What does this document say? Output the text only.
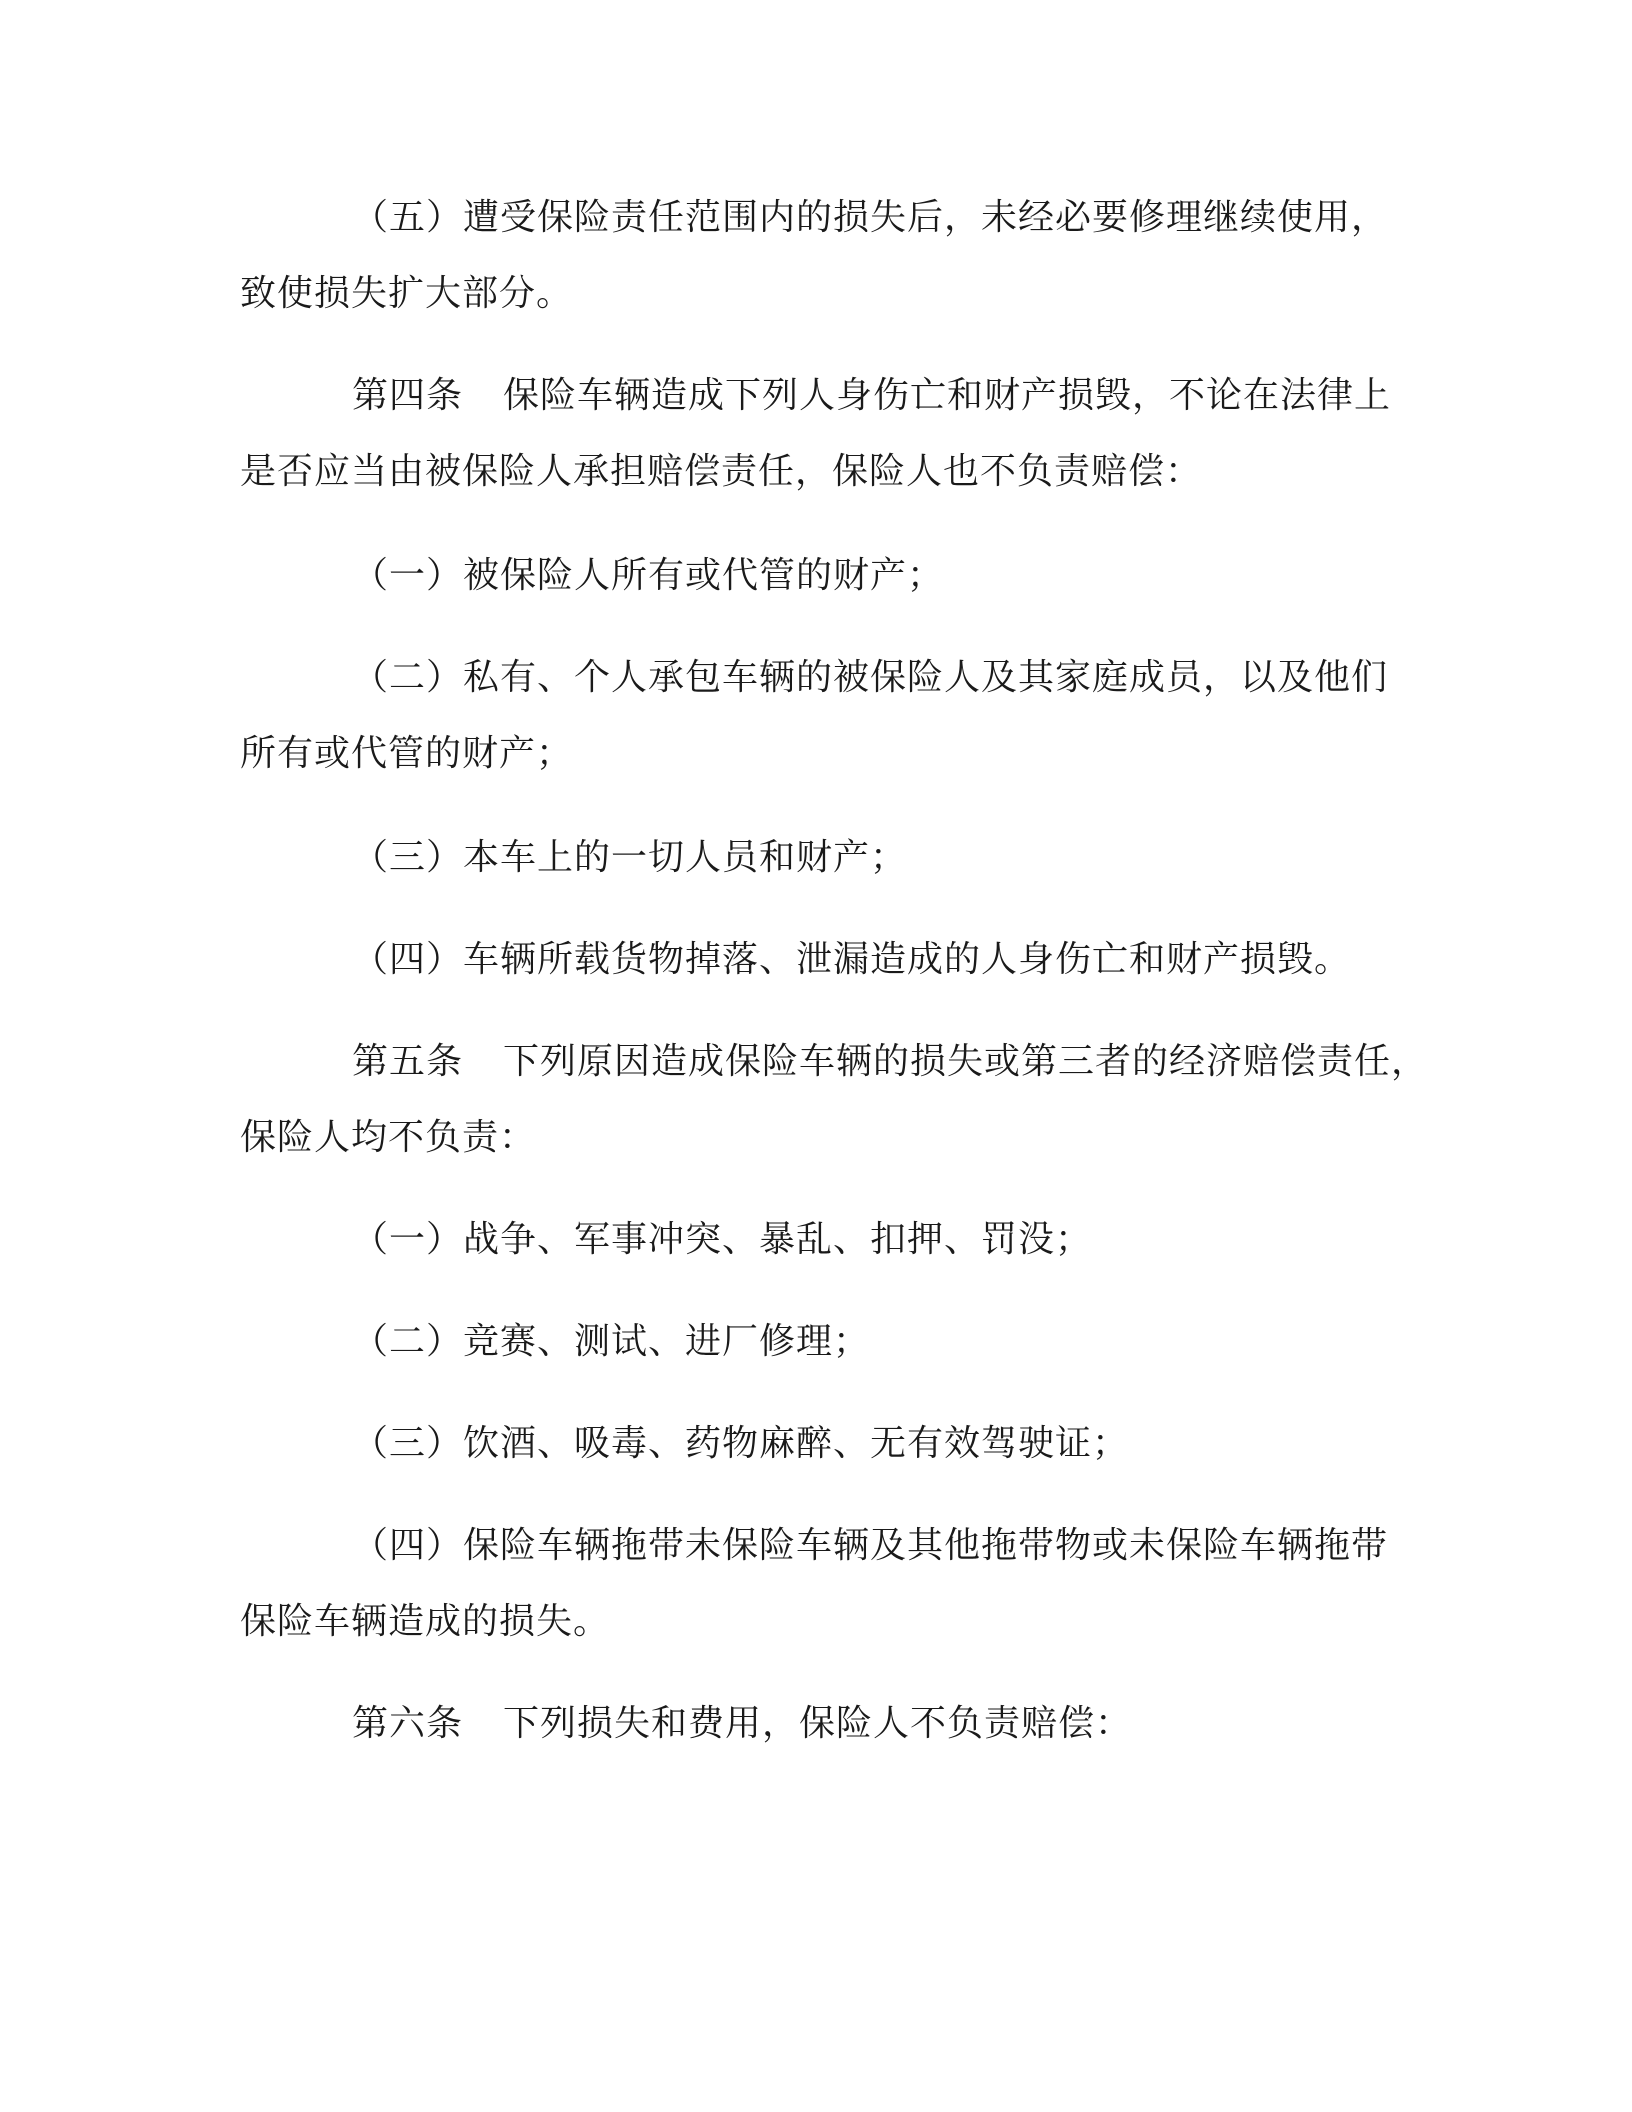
（五）遭受保险责任范围内的损失后，未经必要修理继续使用，
致使损失扩大部分。
第四条 保险车辆造成下列人身伤亡和财产损毁，不论在法律上
是否应当由被保险人承担赔偿责任，保险人也不负责赔偿：
（一）被保险人所有或代管的财产；
（二）私有、个人承包车辆的被保险人及其家庭成员，以及他们
所有或代管的财产；
（三）本车上的一切人员和财产；
（四）车辆所载货物掉落、泄漏造成的人身伤亡和财产损毁。
第五条 下列原因造成保险车辆的损失或第三者的经济赔偿责任，
保险人均不负责：
（一）战争、军事冲突、暴乱、扣押、罚没；
（二）竞赛、测试、进厂修理；
（三）饮酒、吸毒、药物麻醉、无有效驾驶证；
（四）保险车辆拖带未保险车辆及其他拖带物或未保险车辆拖带
保险车辆造成的损失。
第六条 下列损失和费用，保险人不负责赔偿：
